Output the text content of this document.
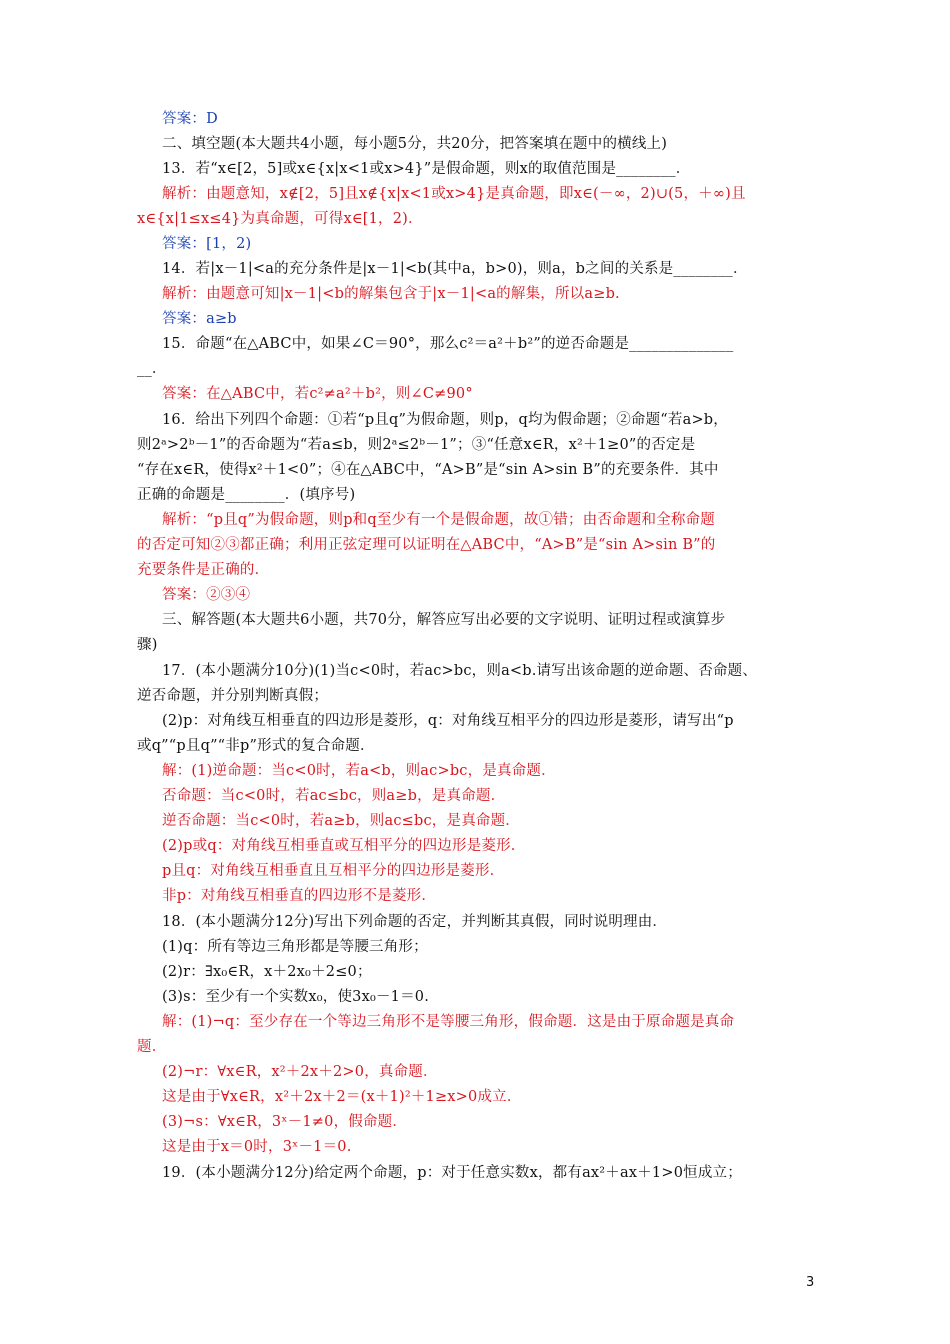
答案：D
二、填空题(本大题共4小题，每小题5分，共20分，把答案填在题中的横线上)
13．若“x∈[2，5]或x∈{x|x<1或x>4}”是假命题，则x的取值范围是________．
解析：由题意知，x∉[2，5]且x∉{x|x<1或x>4}是真命题，即x∈(－∞，2)∪(5，＋∞)且
x∈{x|1≤x≤4}为真命题，可得x∈[1，2)．
答案：[1，2)
14．若|x－1|<a的充分条件是|x－1|<b(其中a，b>0)，则a，b之间的关系是________．
解析：由题意可知|x－1|<b的解集包含于|x－1|<a的解集，所以a≥b.
答案：a≥b
15．命题“在△ABC中，如果∠C＝90°，那么c²＝a²＋b²”的逆否命题是______________
__．
答案：在△ABC中，若c²≠a²＋b²，则∠C≠90°
16．给出下列四个命题：①若“p且q”为假命题，则p，q均为假命题；②命题“若a>b，
则2ᵃ>2ᵇ－1”的否命题为“若a≤b，则2ᵃ≤2ᵇ－1”；③“任意x∈R，x²＋1≥0”的否定是
“存在x∈R，使得x²＋1<0”；④在△ABC中，“A>B”是“sin A>sin B”的充要条件．其中
正确的命题是________．(填序号)
解析：“p且q”为假命题，则p和q至少有一个是假命题，故①错；由否命题和全称命题
的否定可知②③都正确；利用正弦定理可以证明在△ABC中，“A>B”是“sin A>sin B”的
充要条件是正确的．
答案：②③④
三、解答题(本大题共6小题，共70分，解答应写出必要的文字说明、证明过程或演算步
骤)
17．(本小题满分10分)(1)当c<0时，若ac>bc，则a<b.请写出该命题的逆命题、否命题、
逆否命题，并分别判断真假；
(2)p：对角线互相垂直的四边形是菱形，q：对角线互相平分的四边形是菱形，请写出“p
或q”“p且q”“非p”形式的复合命题．
解：(1)逆命题：当c<0时，若a<b，则ac>bc，是真命题．
否命题：当c<0时，若ac≤bc，则a≥b，是真命题．
逆否命题：当c<0时，若a≥b，则ac≤bc，是真命题．
(2)p或q：对角线互相垂直或互相平分的四边形是菱形．
p且q：对角线互相垂直且互相平分的四边形是菱形．
非p：对角线互相垂直的四边形不是菱形．
18．(本小题满分12分)写出下列命题的否定，并判断其真假，同时说明理由．
(1)q：所有等边三角形都是等腰三角形；
(2)r：∃x₀∈R，x＋2x₀＋2≤0；
(3)s：至少有一个实数x₀，使3x₀－1＝0.
解：(1)¬q：至少存在一个等边三角形不是等腰三角形，假命题．这是由于原命题是真命
题．
(2)¬r：∀x∈R，x²＋2x＋2>0，真命题．
这是由于∀x∈R，x²＋2x＋2＝(x＋1)²＋1≥x>0成立．
(3)¬s：∀x∈R，3ˣ－1≠0，假命题．
这是由于x＝0时，3ˣ－1＝0.
19．(本小题满分12分)给定两个命题，p：对于任意实数x，都有ax²＋ax＋1>0恒成立；
3
